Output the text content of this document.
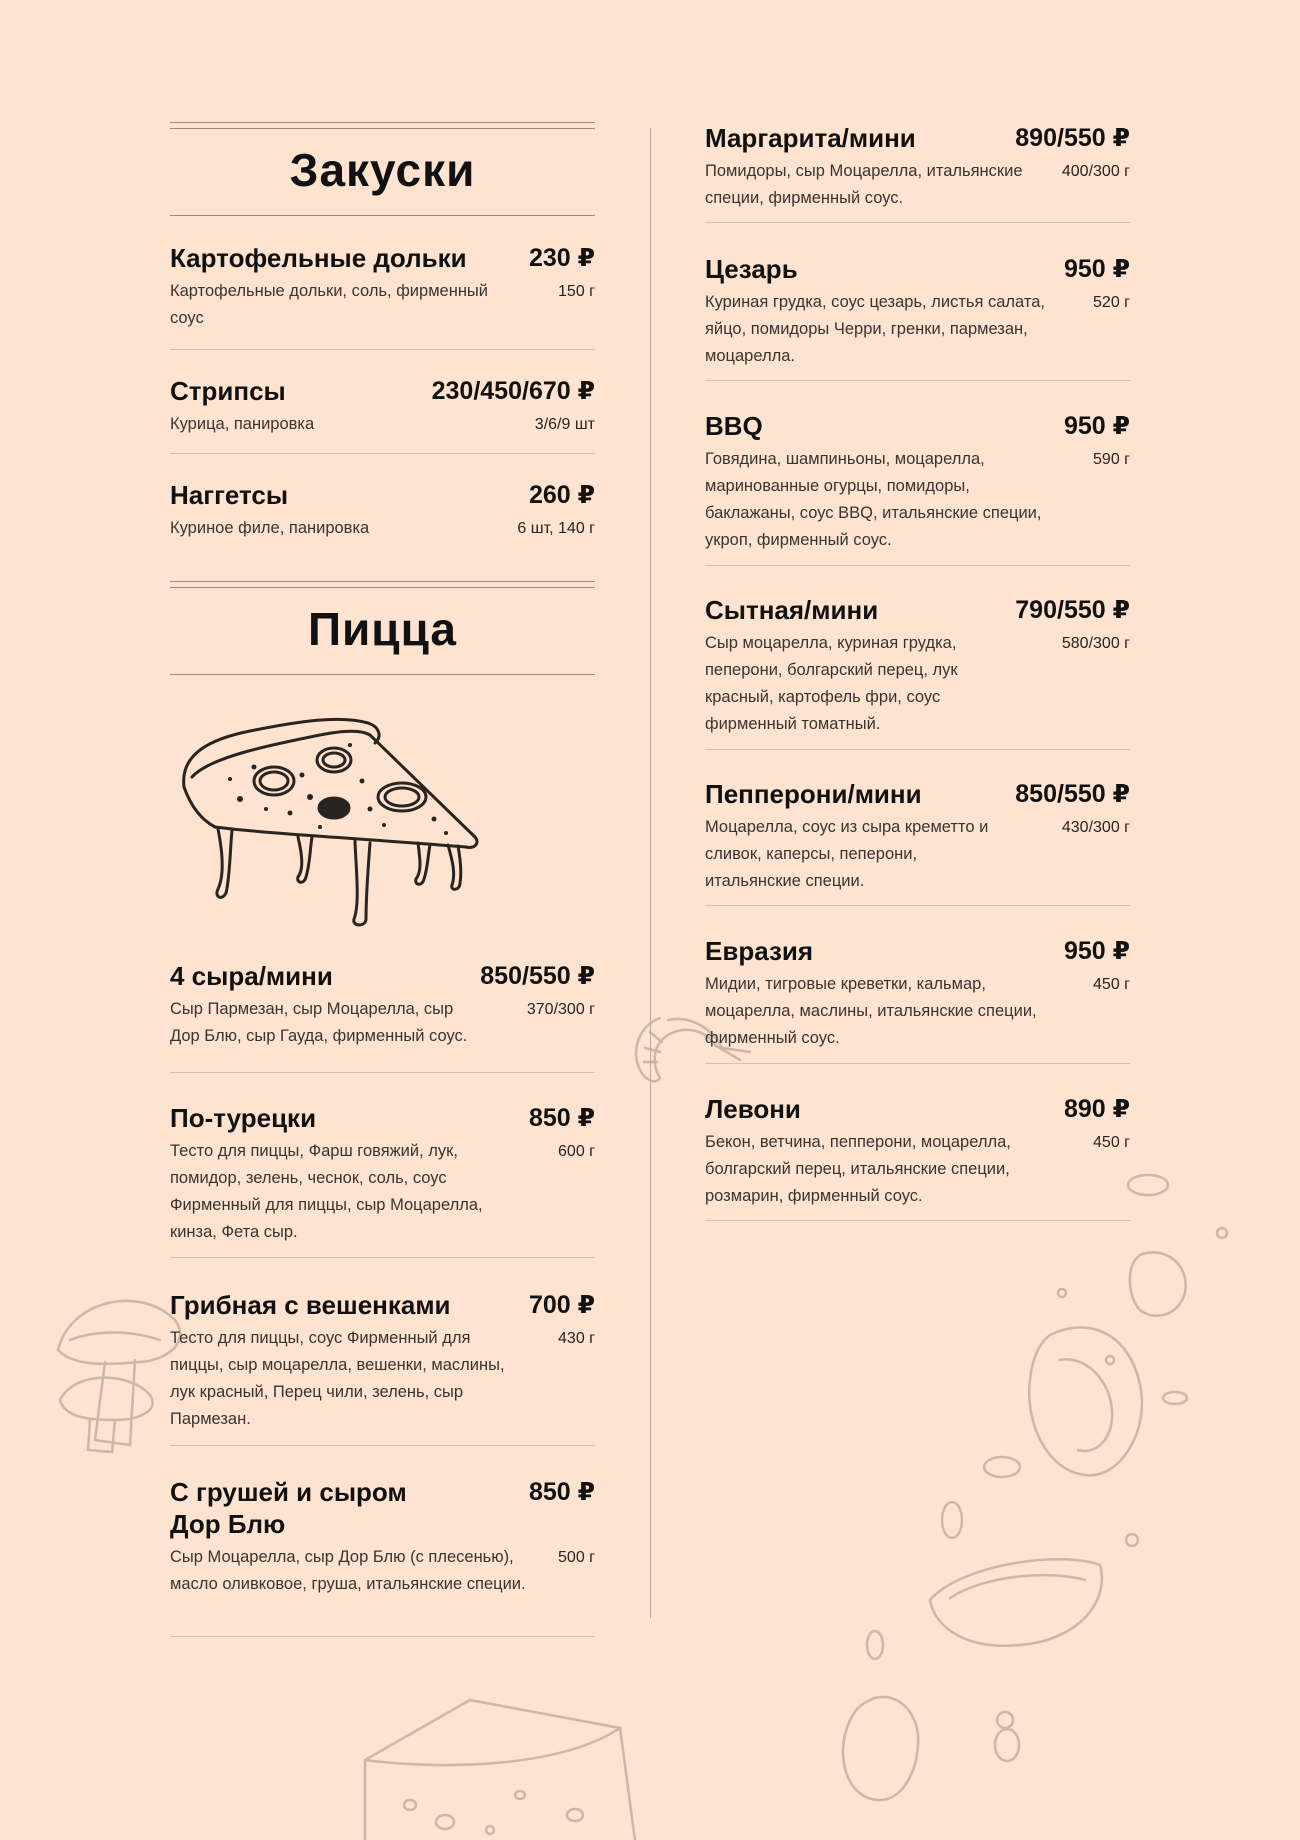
Закуски
Картофельные дольки 230 ₽
Картофельные дольки, соль, фирменный соус
150 г
Стрипсы	230/450/670 ₽
Курица, панировка	3/6/9 шт
Наггетсы	260 ₽
Куриное филе, панировка	6 шт, 140 г
Пицца
4 сыра/мини	850/550 ₽
Сыр Пармезан, сыр Моцарелла, сыр Дор Блю, сыр Гауда, фирменный соус.
370/300 г
По-турецки	850 ₽
Тесто для пиццы, Фарш говяжий, лук, помидор, зелень, чеснок, соль, соус Фирменный для пиццы, сыр Моцарелла, кинза, Фета сыр.
600 г
Грибная с вешенками	700 ₽
Тесто для пиццы, соус Фирменный для пиццы, сыр моцарелла, вешенки, маслины, лук красный, Перец чили, зелень, сыр Пармезан.
430 г
С грушей и сыром Дор Блю
850 ₽
Сыр Моцарелла, сыр Дор Блю (с плесенью), масло оливковое, груша, итальянские специи.
500 г
Маргарита/мини	890/550 ₽
Помидоры, сыр Моцарелла, итальянские специи, фирменный соус.
400/300 г
Цезарь	950 ₽
Куриная грудка, соус цезарь, листья салата, яйцо, помидоры Черри, гренки, пармезан, моцарелла.
520 г
BBQ	950 ₽
Говядина, шампиньоны, моцарелла, маринованные огурцы, помидоры, баклажаны, соус BBQ, итальянские специи, укроп, фирменный соус.
590 г
Сытная/мини	790/550 ₽
Сыр моцарелла, куриная грудка, пеперони, болгарский перец, лук красный, картофель фри, соус фирменный томатный.
580/300 г
Пепперони/мини	850/550 ₽
Моцарелла, соус из сыра креметто и сливок, каперсы, пеперони, итальянские специи.
430/300 г
Евразия	950 ₽
Мидии, тигровые креветки, кальмар, моцарелла, маслины, итальянские специи, фирменный соус.
450 г
Левони	890 ₽
Бекон, ветчина, пепперони, моцарелла, болгарский перец, итальянские специи, розмарин, фирменный соус.
450 г
